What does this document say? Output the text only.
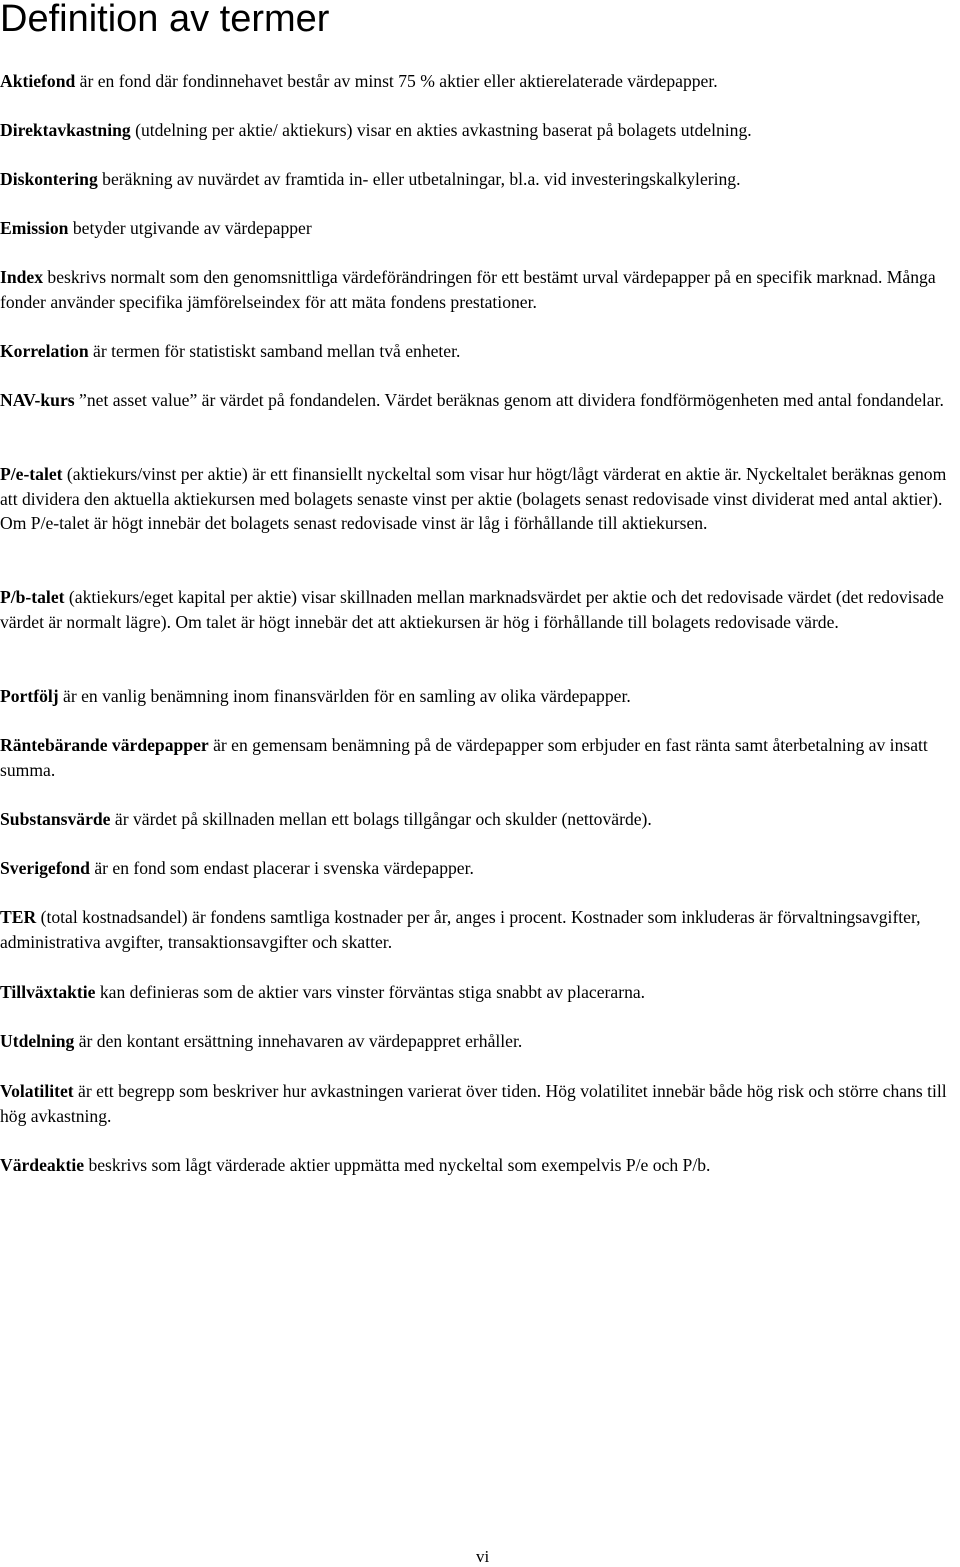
Definition av termer

Aktiefond är en fond där fondinnehavet består av minst 75 % aktier eller aktierelaterade värdepapper.

Direktavkastning (utdelning per aktie/ aktiekurs) visar en akties avkastning baserat på bolagets utdelning.

Diskontering beräkning av nuvärdet av framtida in- eller utbetalningar, bl.a. vid investeringskalkylering.

Emission betyder utgivande av värdepapper

Index beskrivs normalt som den genomsnittliga värdeförändringen för ett bestämt urval värdepapper på en specifik marknad. Många fonder använder specifika jämförelseindex för att mäta fondens prestationer.

Korrelation är termen för statistiskt samband mellan två enheter.

NAV-kurs ”net asset value” är värdet på fondandelen. Värdet beräknas genom att dividera fondförmögenheten med antal fondandelar.

P/e-talet (aktiekurs/vinst per aktie) är ett finansiellt nyckeltal som visar hur högt/lågt värderat en aktie är. Nyckeltalet beräknas genom att dividera den aktuella aktiekursen med bolagets senaste vinst per aktie (bolagets senast redovisade vinst dividerat med antal aktier). Om P/e-talet är högt innebär det bolagets senast redovisade vinst är låg i förhållande till aktiekursen.

P/b-talet (aktiekurs/eget kapital per aktie) visar skillnaden mellan marknadsvärdet per aktie och det redovisade värdet (det redovisade värdet är normalt lägre). Om talet är högt innebär det att aktiekursen är hög i förhållande till bolagets redovisade värde.

Portfölj är en vanlig benämning inom finansvärlden för en samling av olika värdepapper.

Räntebärande värdepapper är en gemensam benämning på de värdepapper som erbjuder en fast ränta samt återbetalning av insatt summa.

Substansvärde är värdet på skillnaden mellan ett bolags tillgångar och skulder (nettovärde).

Sverigefond är en fond som endast placerar i svenska värdepapper.

TER (total kostnadsandel) är fondens samtliga kostnader per år, anges i procent. Kostnader som inkluderas är förvaltningsavgifter, administrativa avgifter, transaktionsavgifter och skatter.

Tillväxtaktie kan definieras som de aktier vars vinster förväntas stiga snabbt av placerarna.

Utdelning är den kontant ersättning innehavaren av värdepappret erhåller.

Volatilitet är ett begrepp som beskriver hur avkastningen varierat över tiden. Hög volatilitet innebär både hög risk och större chans till hög avkastning.

Värdeaktie beskrivs som lågt värderade aktier uppmätta med nyckeltal som exempelvis P/e och P/b.

vi
